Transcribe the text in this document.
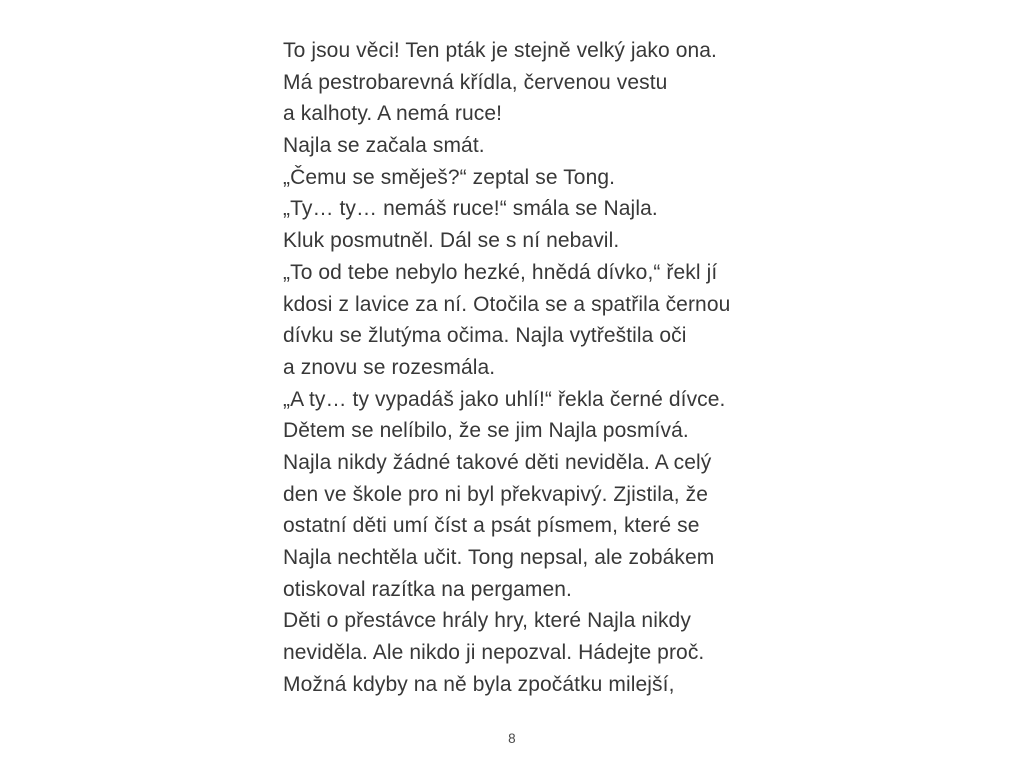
To jsou věci! Ten pták je stejně velký jako ona.
Má pestrobarevná křídla, červenou vestu
a kalhoty. A nemá ruce!
Najla se začala smát.
„Čemu se směješ?“ zeptal se Tong.
„Ty… ty… nemáš ruce!“ smála se Najla.
Kluk posmutněl. Dál se s ní nebavil.
„To od tebe nebylo hezké, hnědá dívko,“ řekl jí
kdosi z lavice za ní. Otočila se a spatřila černou
dívku se žlutýma očima. Najla vytřeštila oči
a znovu se rozesmála.
„A ty… ty vypadáš jako uhlí!“ řekla černé dívce.
Dětem se nelíbilo, že se jim Najla posmívá.
Najla nikdy žádné takové děti neviděla. A celý
den ve škole pro ni byl překvapivý. Zjistila, že
ostatní děti umí číst a psát písmem, které se
Najla nechtěla učit. Tong nepsal, ale zobákem
otiskoval razítka na pergamen.
Děti o přestávce hrály hry, které Najla nikdy
neviděla. Ale nikdo ji nepozval. Hádejte proč.
Možná kdyby na ně byla zpočátku milejší,
8
